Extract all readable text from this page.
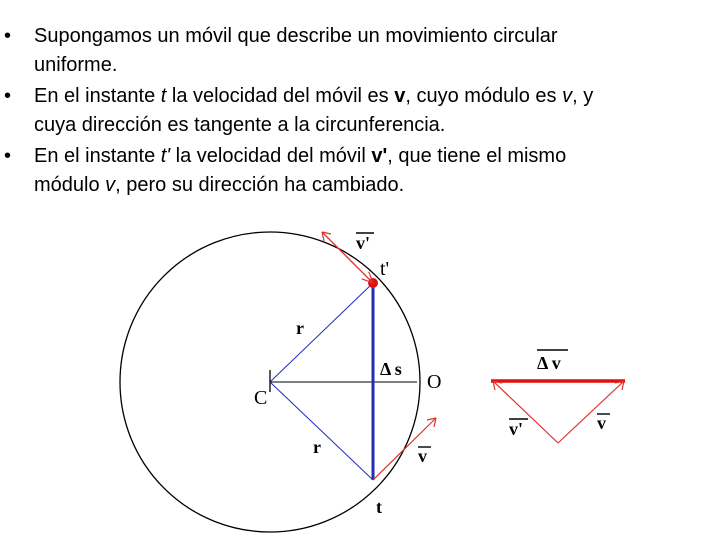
• Supongamos un móvil que describe un movimiento circular
uniforme.
• En el instante t la velocidad del móvil es v, cuyo módulo es v, y
cuya dirección es tangente a la circunferencia.
• En el instante t' la velocidad del móvil v', que tiene el mismo
módulo v, pero su dirección ha cambiado.
v'
t'
r
Δ s
O
C
r	v
t
Δ v
v'	v
